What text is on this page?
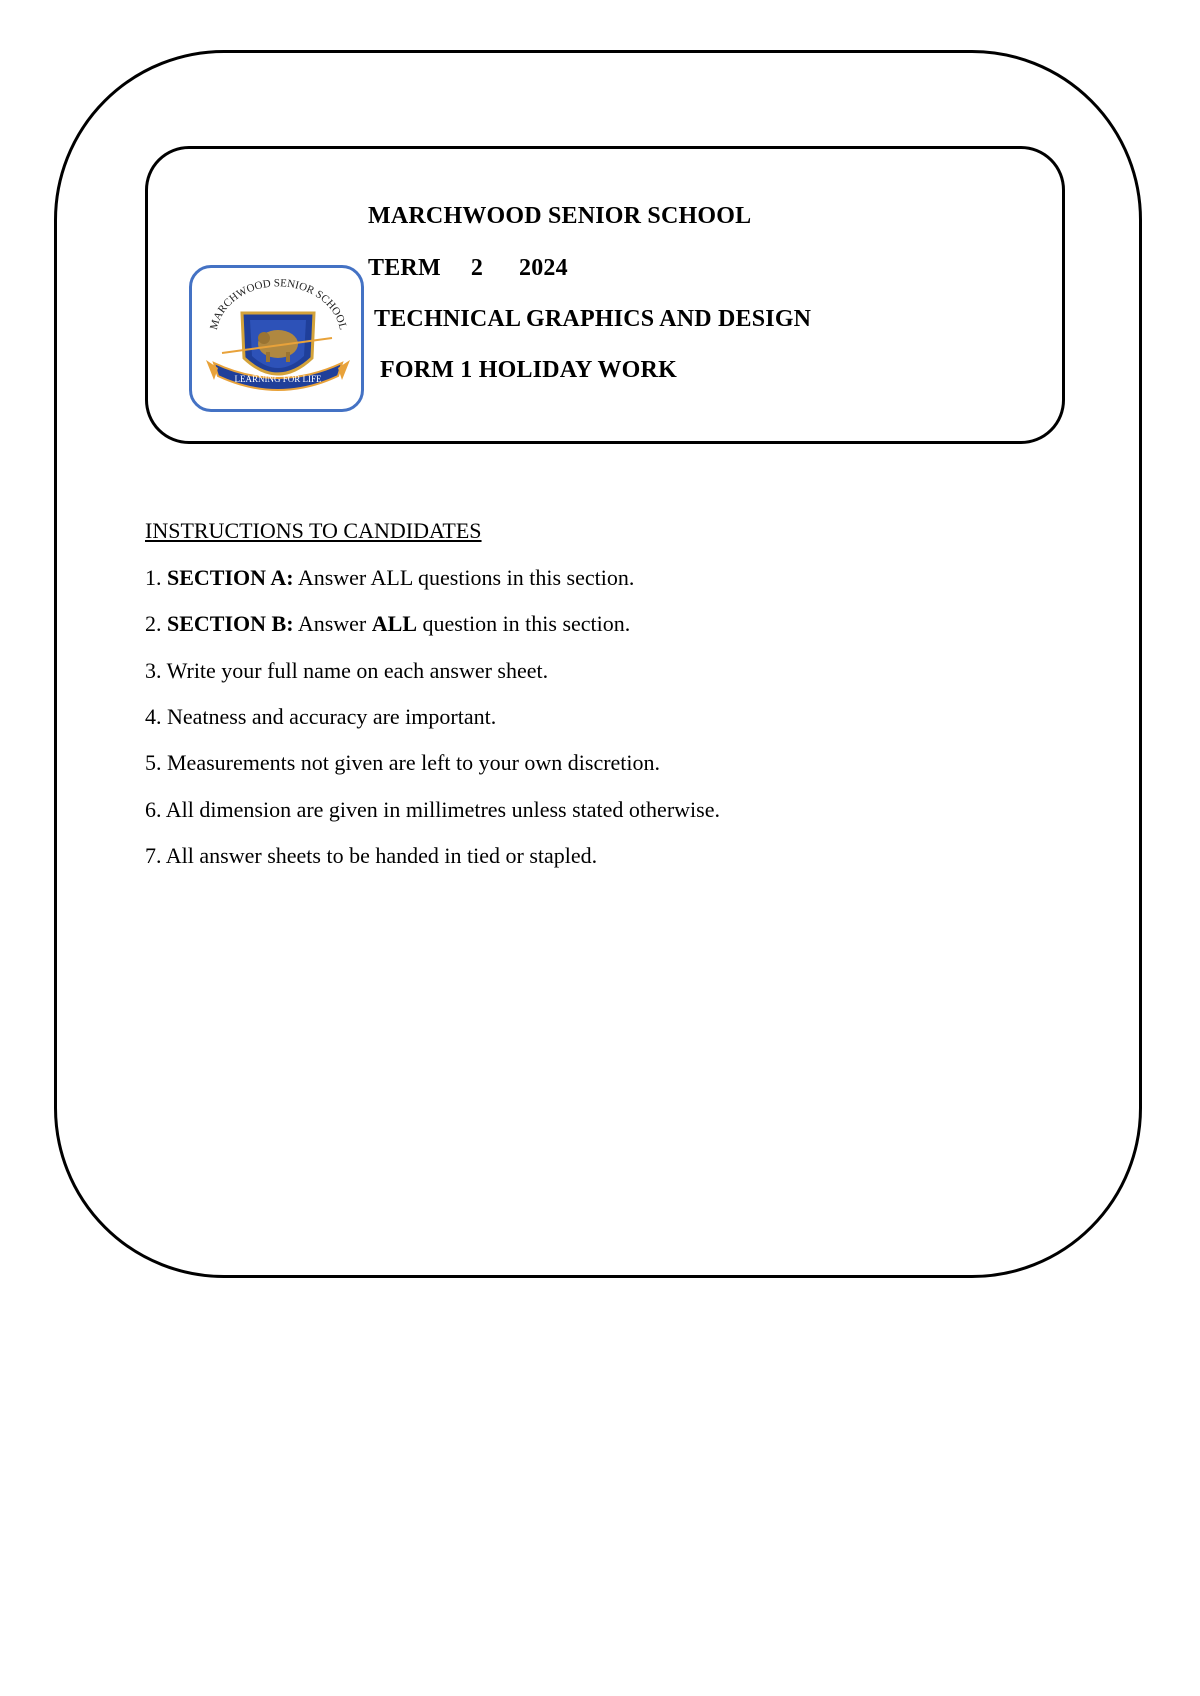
MARCHWOOD SENIOR SCHOOL
LEARNING FOR LIFE
MARCHWOOD SENIOR SCHOOL
TERM 2 2024
TECHNICAL GRAPHICS AND DESIGN
FORM 1 HOLIDAY WORK
INSTRUCTIONS TO CANDIDATES
1. SECTION A: Answer ALL questions in this section.
2. SECTION B: Answer ALL question in this section.
3. Write your full name on each answer sheet.
4. Neatness and accuracy are important.
5. Measurements not given are left to your own discretion.
6. All dimension are given in millimetres unless stated otherwise.
7. All answer sheets to be handed in tied or stapled.
